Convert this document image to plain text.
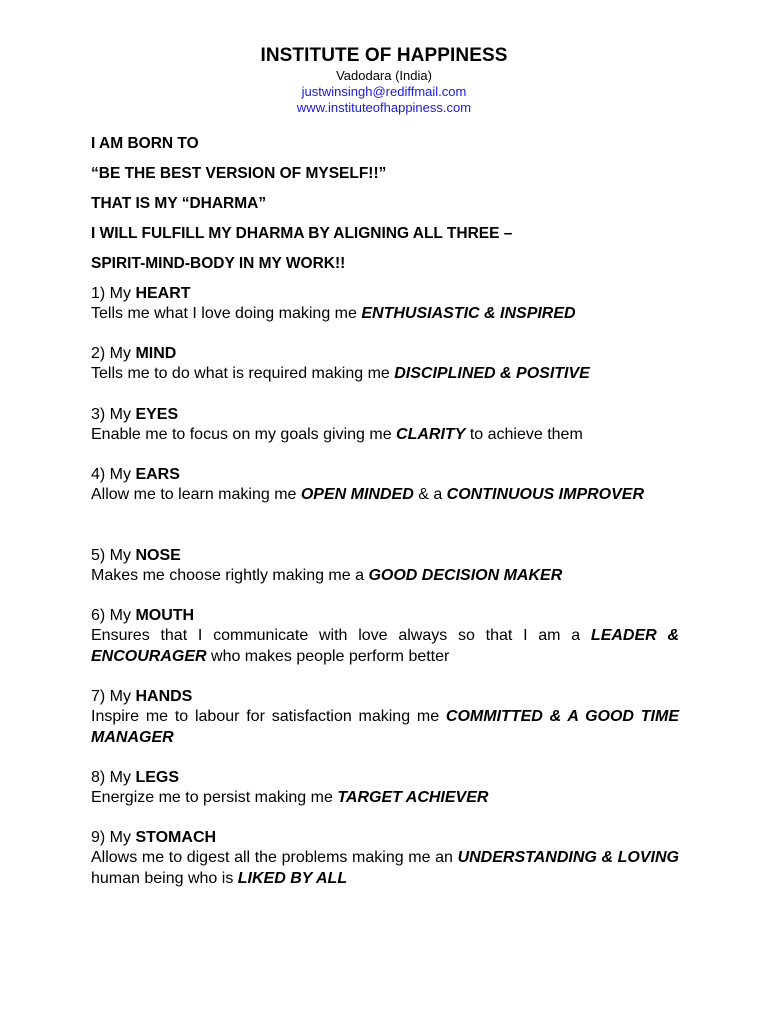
INSTITUTE OF HAPPINESS
Vadodara (India)
justwinsingh@rediffmail.com
www.instituteofhappiness.com
I AM BORN TO
“BE THE BEST VERSION OF MYSELF!!”
THAT IS MY “DHARMA”
I WILL FULFILL MY DHARMA BY ALIGNING ALL THREE –
SPIRIT-MIND-BODY IN MY WORK!!
1) My HEART
Tells me what I love doing making me ENTHUSIASTIC & INSPIRED
2) My MIND
Tells me to do what is required making me DISCIPLINED & POSITIVE
3) My EYES
Enable me to focus on my goals giving me CLARITY to achieve them
4) My EARS
Allow me to learn making me OPEN MINDED & a CONTINUOUS IMPROVER
5) My NOSE
Makes me choose rightly making me a GOOD DECISION MAKER
6) My MOUTH
Ensures that I communicate with love always so that I am a LEADER & ENCOURAGER who makes people perform better
7) My HANDS
Inspire me to labour for satisfaction making me COMMITTED & A GOOD TIME MANAGER
8) My LEGS
Energize me to persist making me TARGET ACHIEVER
9) My STOMACH
Allows me to digest all the problems making me an UNDERSTANDING & LOVING human being who is LIKED BY ALL
